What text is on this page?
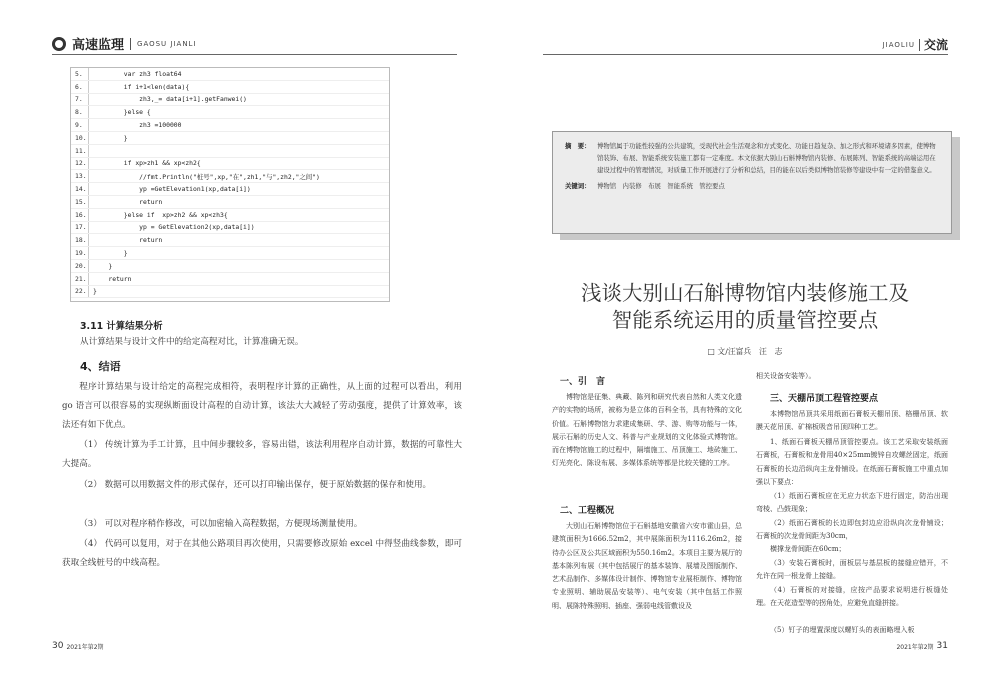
高速监理 GAOSU JIANLI	JIAOLIU 交流
5.	var zh3 float64
6.	if i+1<len(data){
7.	zh3,_= data[i+1].getFanwei()
8.	}else {
9.	zh3 =100000
10.	}
11.
12.	if xp>zh1 && xp<zh2{
13.	//fmt.Println("桩号",xp,"在",zh1,"与",zh2,"之间")
14.	yp =GetElevation1(xp,data[i])
15.	return
16.	}else if  xp>zh2 && xp<zh3{
17.	yp = GetElevation2(xp,data[i])
18.	return
19.	}
20.	}
21.	return
22.	}
3.11 计算结果分析
从计算结果与设计文件中的给定高程对比，计算准确无误。
4、结语
程序计算结果与设计给定的高程完成相符，表明程序计算的正确性，从上面的过程可以看出，利用 go 语言可以很容易的实现纵断面设计高程的自动计算，该法大大减轻了劳动强度，提供了计算效率，该法还有如下优点。
（1） 传统计算为手工计算，且中间步骤较多，容易出错，该法利用程序自动计算，数据的可靠性大大提高。
（2） 数据可以用数据文件的形式保存，还可以打印输出保存，便于原始数据的保存和使用。
（3） 可以对程序稍作修改，可以加密输入高程数据，方便现场测量使用。
（4） 代码可以复用，对于在其他公路项目再次使用，只需要修改原始 excel 中得竖曲线参数，即可获取全线桩号的中线高程。
摘　要：	博物馆属于功能性较强的公共建筑，受现代社会生活观念和方式变化、功能日趋复杂、加之形式和环境诸多因素，使博物馆装饰、布展、智能系统安装施工都有一定难度。本文依据大别山石斛博物馆内装修、布展陈列、智能系统的高端运用在建设过程中的管理情况，对质量工作开展进行了分析和总结，目的能在以后类似博物馆装修等建设中有一定的借鉴意义。
关键词：	博物馆　内装修　布展　智能系统　管控要点
浅谈大别山石斛博物馆内装修施工及
智能系统运用的质量管控要点
□ 文/汪富兵　汪　志
一、引　言
博物馆是征集、典藏、陈列和研究代表自然和人类文化遗产的实物的场所，被称为是立体的百科全书，具有特殊的文化价值。石斛博物馆力求建成集研、学、游、购等功能与一体，展示石斛的历史人文、科普与产业规划的文化体验式博物馆。而在博物馆施工的过程中，隔墙施工、吊顶施工、地砖施工、灯光亮化、陈设布展、多媒体系统等都是比较关键的工序。
二、工程概况
大别山石斛博物馆位于石斛基地安徽省六安市霍山县，总建筑面积为1666.52m2，其中展陈面积为1116.26m2，接待办公区及公共区域面积为550.16m2。本项目主要为展厅的基本陈列布展（其中包括展厅的基本装饰、展墙及图版制作、艺术品制作、多媒体设计制作、博物馆专业展柜制作、博物馆专业照明、辅助展品安装等）、电气安装（其中包括工作照明、展陈特殊照明、插座、强弱电线管敷设及
相关设备安装等）。
三、天棚吊顶工程管控要点
本博物馆吊顶共采用纸面石膏板天棚吊顶、格栅吊顶、软膜天花吊顶、矿棉板吸音吊顶四种工艺。
1、纸面石膏板天棚吊顶管控要点。该工艺采取安装纸面石膏板，石膏板和龙骨用40×25mm镀锌自攻螺丝固定，纸面石膏板的长边沿纵向主龙骨铺设。在纸面石膏板施工中重点加强以下要点：
（1）纸面石膏板应在无应力状态下进行固定，防治出现弯棱、凸鼓现象；
（2）纸面石膏板的长边即包封边应沿纵向次龙骨铺设；石膏板的次龙骨间距为30cm，
横撑龙骨间距在60cm；
（3）安装石膏板时，面板层与基层板的接缝应错开，不允许在同一根龙骨上接缝。
（4）石膏板的对接缝，应按产品要求说明进行板缝处理。在天花造型等的拐角处，应避免直缝拼接。
（5）钉子的埋置深度以螺钉头的表面略埋入板
30 2021年第2期	2021年第2期 31
